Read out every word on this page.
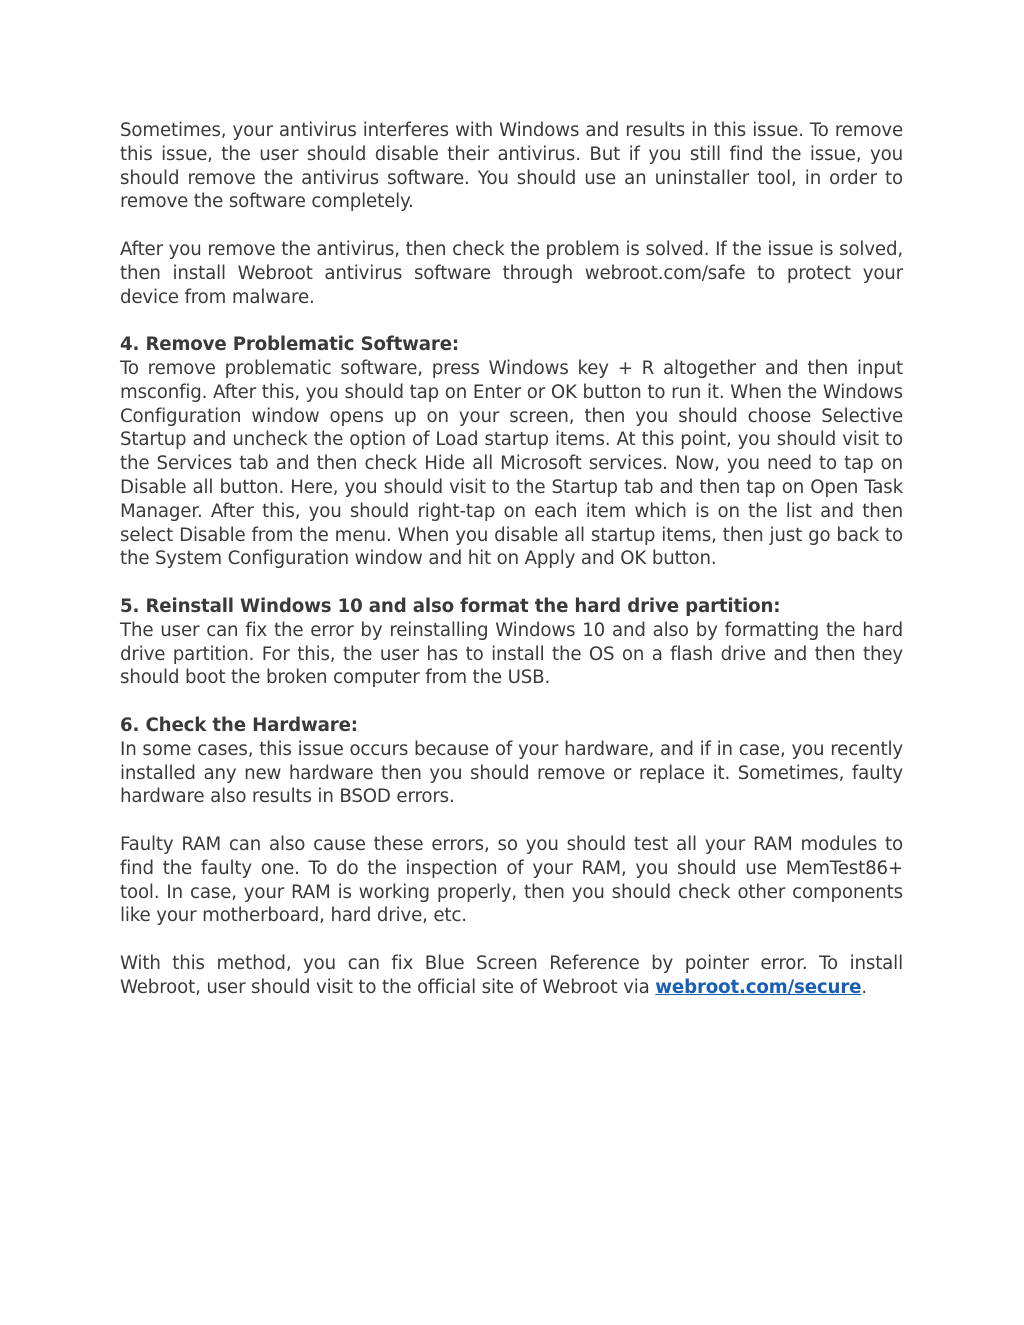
Sometimes, your antivirus interferes with Windows and results in this issue. To remove this issue, the user should disable their antivirus. But if you still find the issue, you should remove the antivirus software. You should use an uninstaller tool, in order to remove the software completely.

After you remove the antivirus, then check the problem is solved. If the issue is solved, then install Webroot antivirus software through webroot.com/safe to protect your device from malware.

4. Remove Problematic Software:
To remove problematic software, press Windows key + R altogether and then input msconfig. After this, you should tap on Enter or OK button to run it. When the Windows Configuration window opens up on your screen, then you should choose Selective Startup and uncheck the option of Load startup items. At this point, you should visit to the Services tab and then check Hide all Microsoft services. Now, you need to tap on Disable all button. Here, you should visit to the Startup tab and then tap on Open Task Manager. After this, you should right-tap on each item which is on the list and then select Disable from the menu. When you disable all startup items, then just go back to the System Configuration window and hit on Apply and OK button.

5. Reinstall Windows 10 and also format the hard drive partition:
The user can fix the error by reinstalling Windows 10 and also by formatting the hard drive partition. For this, the user has to install the OS on a flash drive and then they should boot the broken computer from the USB.

6. Check the Hardware:
In some cases, this issue occurs because of your hardware, and if in case, you recently installed any new hardware then you should remove or replace it. Sometimes, faulty hardware also results in BSOD errors.

Faulty RAM can also cause these errors, so you should test all your RAM modules to find the faulty one. To do the inspection of your RAM, you should use MemTest86+ tool. In case, your RAM is working properly, then you should check other components like your motherboard, hard drive, etc.

With this method, you can fix Blue Screen Reference by pointer error. To install Webroot, user should visit to the official site of Webroot via webroot.com/secure.
